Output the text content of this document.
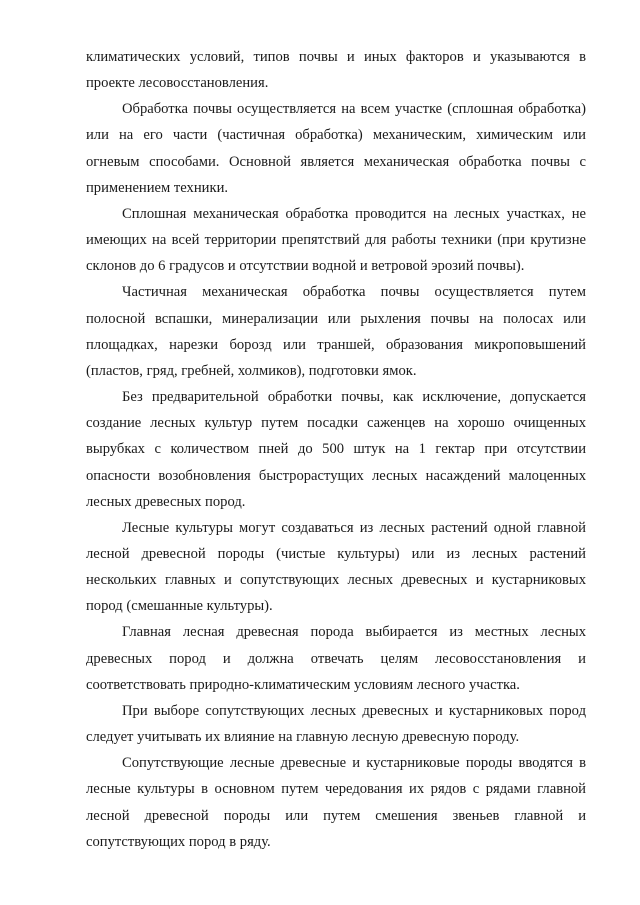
климатических условий, типов почвы и иных факторов и указываются в проекте лесовосстановления.

Обработка почвы осуществляется на всем участке (сплошная обработка) или на его части (частичная обработка) механическим, химическим или огневым способами. Основной является механическая обработка почвы с применением техники.

Сплошная механическая обработка проводится на лесных участках, не имеющих на всей территории препятствий для работы техники (при крутизне склонов до 6 градусов и отсутствии водной и ветровой эрозий почвы).

Частичная механическая обработка почвы осуществляется путем полосной вспашки, минерализации или рыхления почвы на полосах или площадках, нарезки борозд или траншей, образования микроповышений (пластов, гряд, гребней, холмиков), подготовки ямок.

Без предварительной обработки почвы, как исключение, допускается создание лесных культур путем посадки саженцев на хорошо очищенных вырубках с количеством пней до 500 штук на 1 гектар при отсутствии опасности возобновления быстрорастущих лесных насаждений малоценных лесных древесных пород.

Лесные культуры могут создаваться из лесных растений одной главной лесной древесной породы (чистые культуры) или из лесных растений нескольких главных и сопутствующих лесных древесных и кустарниковых пород (смешанные культуры).

Главная лесная древесная порода выбирается из местных лесных древесных пород и должна отвечать целям лесовосстановления и соответствовать природно-климатическим условиям лесного участка.

При выборе сопутствующих лесных древесных и кустарниковых пород следует учитывать их влияние на главную лесную древесную породу.

Сопутствующие лесные древесные и кустарниковые породы вводятся в лесные культуры в основном путем чередования их рядов с рядами главной лесной древесной породы или путем смешения звеньев главной и сопутствующих пород в ряду.
